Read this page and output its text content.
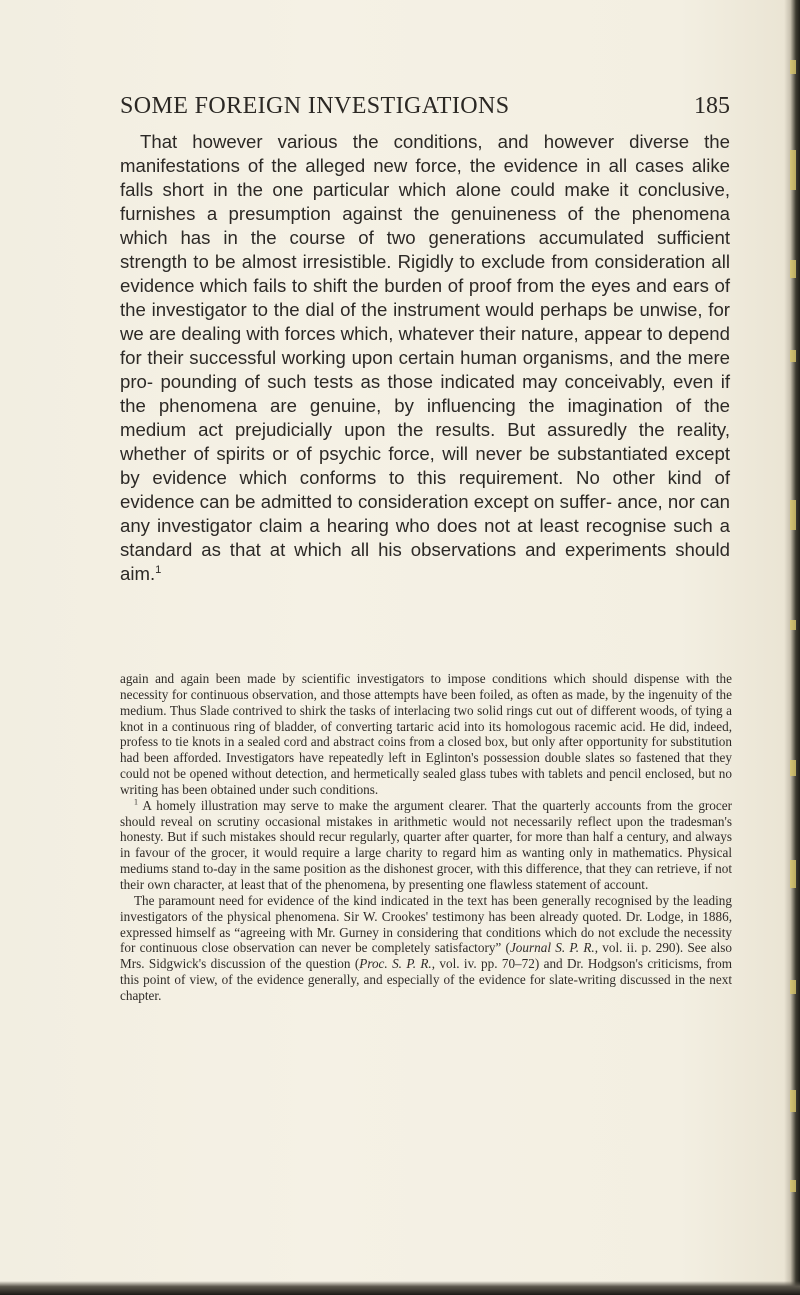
SOME FOREIGN INVESTIGATIONS	185

That however various the conditions, and however diverse the manifestations of the alleged new force, the evidence in all cases alike falls short in the one particular which alone could make it conclusive, furnishes a presumption against the genuineness of the phenomena which has in the course of two generations accumulated sufficient strength to be almost irresistible. Rigidly to exclude from consideration all evidence which fails to shift the burden of proof from the eyes and ears of the investigator to the dial of the instrument would perhaps be unwise, for we are dealing with forces which, whatever their nature, appear to depend for their successful working upon certain human organisms, and the mere pro- pounding of such tests as those indicated may conceivably, even if the phenomena are genuine, by influencing the imagination of the medium act prejudicially upon the results. But assuredly the reality, whether of spirits or of psychic force, will never be substantiated except by evidence which conforms to this requirement. No other kind of evidence can be admitted to consideration except on suffer- ance, nor can any investigator claim a hearing who does not at least recognise such a standard as that at which all his observations and experiments should aim.$^1$

again and again been made by scientific investigators to impose conditions which should dispense with the necessity for continuous observation, and those attempts have been foiled, as often as made, by the ingenuity of the medium. Thus Slade contrived to shirk the tasks of interlacing two solid rings cut out of different woods, of tying a knot in a continuous ring of bladder, of converting tartaric acid into its homologous racemic acid. He did, indeed, profess to tie knots in a sealed cord and abstract coins from a closed box, but only after opportunity for substitution had been afforded. Investigators have repeatedly left in Eglinton's possession double slates so fastened that they could not be opened without detection, and hermetically sealed glass tubes with tablets and pencil enclosed, but no writing has been obtained under such conditions.

$^1$ A homely illustration may serve to make the argument clearer. That the quarterly accounts from the grocer should reveal on scrutiny occasional mistakes in arithmetic would not necessarily reflect upon the tradesman's honesty. But if such mistakes should recur regularly, quarter after quarter, for more than half a century, and always in favour of the grocer, it would require a large charity to regard him as wanting only in mathematics. Physical mediums stand to-day in the same position as the dishonest grocer, with this difference, that they can retrieve, if not their own character, at least that of the phenomena, by presenting one flawless statement of account.

The paramount need for evidence of the kind indicated in the text has been generally recognised by the leading investigators of the physical phenomena. Sir W. Crookes' testimony has been already quoted. Dr. Lodge, in 1886, expressed himself as “agreeing with Mr. Gurney in considering that conditions which do not exclude the necessity for continuous close observation can never be completely satisfactory” (Journal S. P. R., vol. ii. p. 290). See also Mrs. Sidgwick's discussion of the question (Proc. S. P. R., vol. iv. pp. 70–72) and Dr. Hodgson's criticisms, from this point of view, of the evidence generally, and especially of the evidence for slate-writing discussed in the next chapter.
